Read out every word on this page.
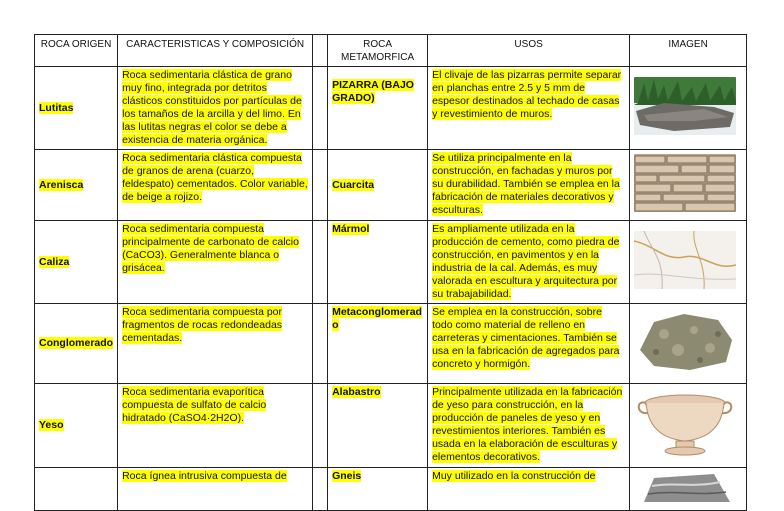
ROCA ORIGEN	CARACTERISTICAS Y COMPOSICIÓN		ROCA METAMORFICA	USOS	IMAGEN
Lutitas	Roca sedimentaria clástica de grano muy fino, integrada por detritos clásticos constituidos por partículas de los tamaños de la arcilla y del limo. En las lutitas negras el color se debe a existencia de materia orgánica.		PIZARRA (BAJO GRADO)	El clivaje de las pizarras permite separar en planchas entre 2.5 y 5 mm de espesor destinados al techado de casas y revestimiento de muros.	
Arenisca	Roca sedimentaria clástica compuesta de granos de arena (cuarzo, feldespato) cementados. Color variable, de beige a rojizo.		Cuarcita	Se utiliza principalmente en la construcción, en fachadas y muros por su durabilidad. También se emplea en la fabricación de materiales decorativos y esculturas.	
Caliza	Roca sedimentaria compuesta principalmente de carbonato de calcio (CaCO3). Generalmente blanca o grisácea.		Mármol	Es ampliamente utilizada en la producción de cemento, como piedra de construcción, en pavimentos y en la industria de la cal. Además, es muy valorada en escultura y arquitectura por su trabajabilidad.	
Conglomerado	Roca sedimentaria compuesta por fragmentos de rocas redondeadas cementadas.		Metaconglomerado	Se emplea en la construcción, sobre todo como material de relleno en carreteras y cimentaciones. También se usa en la fabricación de agregados para concreto y hormigón.	
Yeso	Roca sedimentaria evaporítica compuesta de sulfato de calcio hidratado (CaSO4·2H2O).		Alabastro	Principalmente utilizada en la fabricación de yeso para construcción, en la producción de paneles de yeso y en revestimientos interiores. También es usada en la elaboración de esculturas y elementos decorativos.	
	Roca ígnea intrusiva compuesta de		Gneis	Muy utilizado en la construcción de	
